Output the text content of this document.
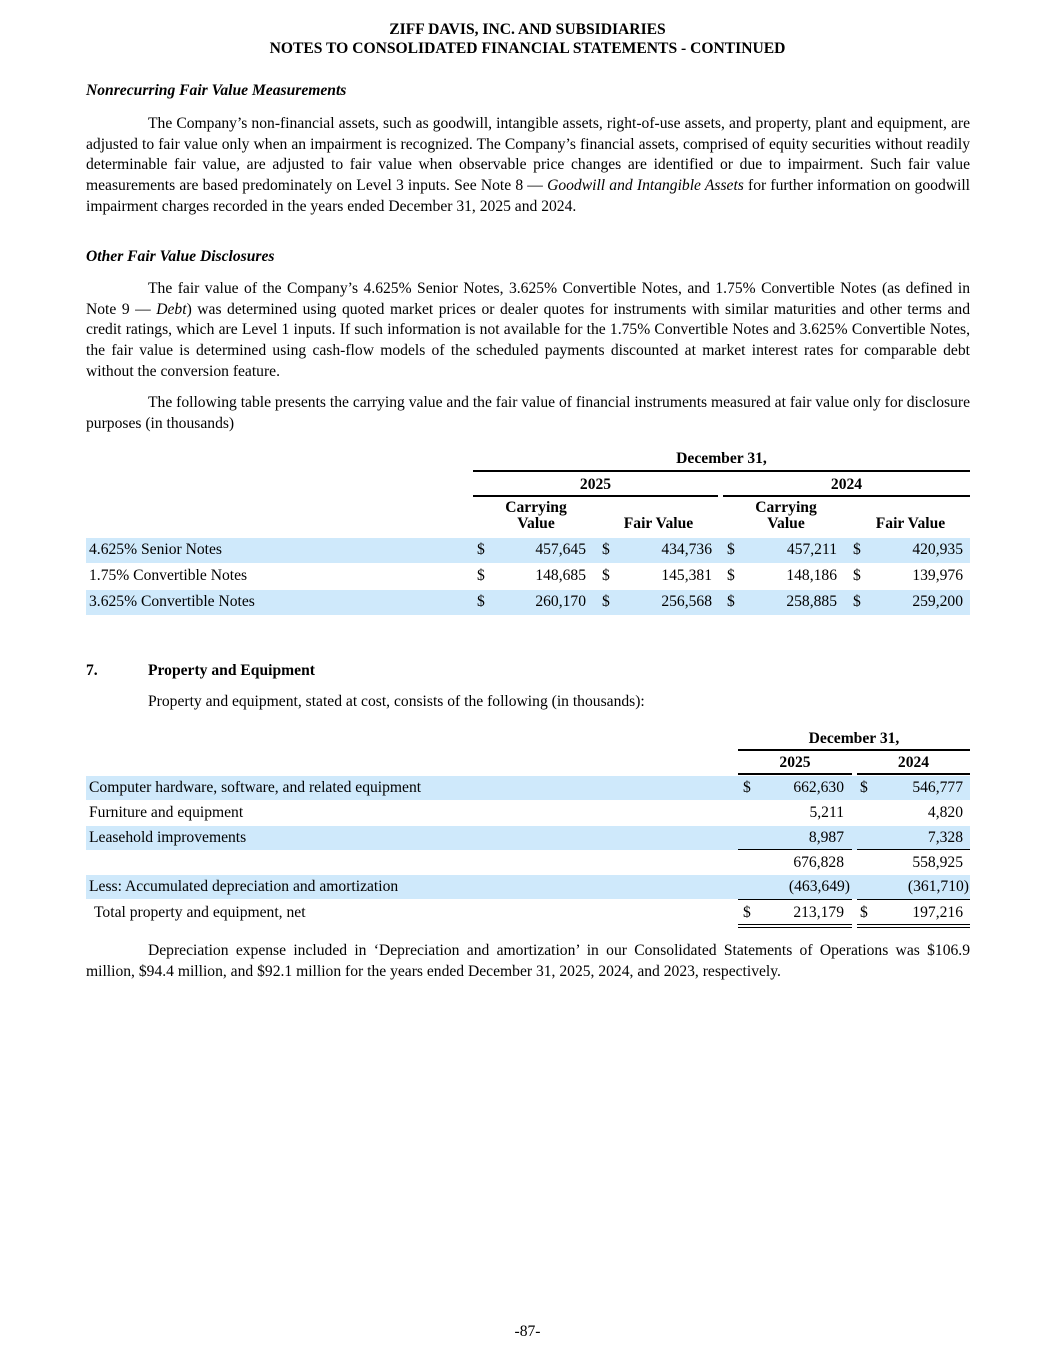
ZIFF DAVIS, INC. AND SUBSIDIARIES
NOTES TO CONSOLIDATED FINANCIAL STATEMENTS - CONTINUED
Nonrecurring Fair Value Measurements

The Company’s non-financial assets, such as goodwill, intangible assets, right-of-use assets, and property, plant and equipment, are adjusted to fair value only when an impairment is recognized. The Company’s financial assets, comprised of equity securities without readily determinable fair value, are adjusted to fair value when observable price changes are identified or due to impairment. Such fair value measurements are based predominately on Level 3 inputs. See Note 8 — Goodwill and Intangible Assets for further information on goodwill impairment charges recorded in the years ended December 31, 2025 and 2024.

Other Fair Value Disclosures

The fair value of the Company’s 4.625% Senior Notes, 3.625% Convertible Notes, and 1.75% Convertible Notes (as defined in Note 9 — Debt) was determined using quoted market prices or dealer quotes for instruments with similar maturities and other terms and credit ratings, which are Level 1 inputs. If such information is not available for the 1.75% Convertible Notes and 3.625% Convertible Notes, the fair value is determined using cash-flow models of the scheduled payments discounted at market interest rates for comparable debt without the conversion feature.

The following table presents the carrying value and the fair value of financial instruments measured at fair value only for disclosure purposes (in thousands)

December 31,
2025	2024
Carrying Value	Fair Value
Carrying Value	Fair Value
4.625% Senior Notes	$	457,645 $	434,736 $	457,211 $	420,935
1.75% Convertible Notes	$	148,685 $	145,381 $	148,186 $	139,976
3.625% Convertible Notes	$	260,170 $	256,568 $	258,885 $	259,200
7.	Property and Equipment
Property and equipment, stated at cost, consists of the following (in thousands):
December 31,
2025	2024
Computer hardware, software, and related equipment	$	662,630 $	546,777
Furniture and equipment	5,211	4,820
Leasehold improvements	8,987	7,328
676,828	558,925
Less: Accumulated depreciation and amortization	(463,649)	(361,710)
Total property and equipment, net	$	213,179 $	197,216

Depreciation expense included in ‘Depreciation and amortization’ in our Consolidated Statements of Operations was $106.9 million, $94.4 million, and $92.1 million for the years ended December 31, 2025, 2024, and 2023, respectively.

-87-
